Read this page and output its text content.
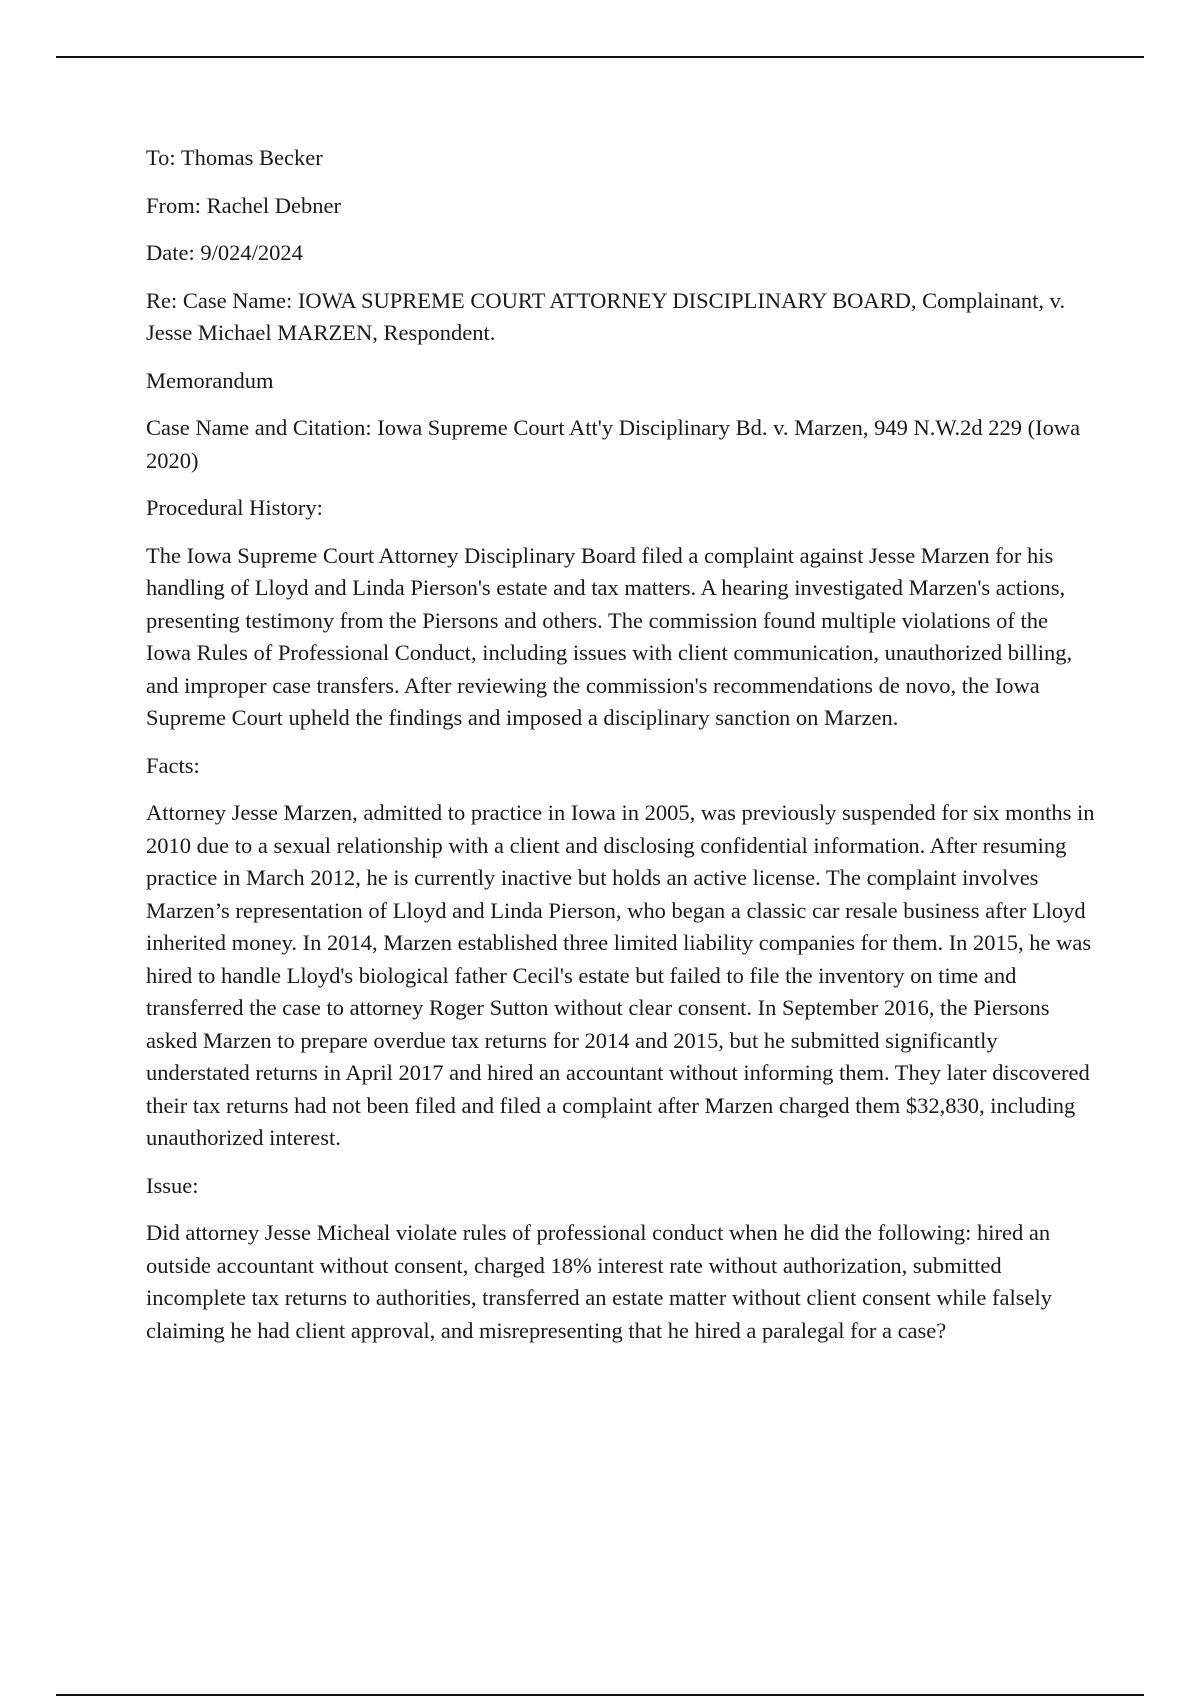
To: Thomas Becker

From: Rachel Debner

Date: 9/024/2024

Re: Case Name: IOWA SUPREME COURT ATTORNEY DISCIPLINARY BOARD, Complainant, v. Jesse Michael MARZEN, Respondent.

Memorandum

Case Name and Citation: Iowa Supreme Court Att'y Disciplinary Bd. v. Marzen, 949 N.W.2d 229 (Iowa 2020)

Procedural History:

The Iowa Supreme Court Attorney Disciplinary Board filed a complaint against Jesse Marzen for his handling of Lloyd and Linda Pierson's estate and tax matters. A hearing investigated Marzen's actions, presenting testimony from the Piersons and others. The commission found multiple violations of the Iowa Rules of Professional Conduct, including issues with client communication, unauthorized billing, and improper case transfers. After reviewing the commission's recommendations de novo, the Iowa Supreme Court upheld the findings and imposed a disciplinary sanction on Marzen.

Facts:

Attorney Jesse Marzen, admitted to practice in Iowa in 2005, was previously suspended for six months in 2010 due to a sexual relationship with a client and disclosing confidential information. After resuming practice in March 2012, he is currently inactive but holds an active license. The complaint involves Marzen’s representation of Lloyd and Linda Pierson, who began a classic car resale business after Lloyd inherited money. In 2014, Marzen established three limited liability companies for them. In 2015, he was hired to handle Lloyd's biological father Cecil's estate but failed to file the inventory on time and transferred the case to attorney Roger Sutton without clear consent. In September 2016, the Piersons asked Marzen to prepare overdue tax returns for 2014 and 2015, but he submitted significantly understated returns in April 2017 and hired an accountant without informing them. They later discovered their tax returns had not been filed and filed a complaint after Marzen charged them $32,830, including unauthorized interest.

Issue:

Did attorney Jesse Micheal violate rules of professional conduct when he did the following: hired an outside accountant without consent, charged 18% interest rate without authorization, submitted incomplete tax returns to authorities, transferred an estate matter without client consent while falsely claiming he had client approval, and misrepresenting that he hired a paralegal for a case?
